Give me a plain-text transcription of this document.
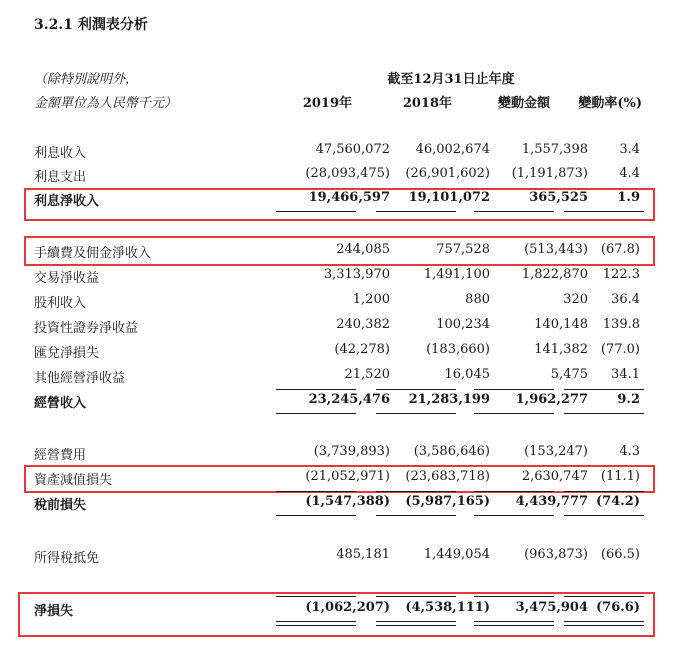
3.2.1 利潤表分析
（除特別說明外，
金額單位為人民幣千元）
截至12月31日止年度
2019年	2018年	變動金額	變動率(%)
利息收入	47,560,072	46,002,674	1,557,398	3.4
利息支出	(28,093,475)	(26,901,602)	(1,191,873)	4.4
利息淨收入	19,466,597	19,101,072	365,525	1.9
手續費及佣金淨收入	244,085	757,528	(513,443) (67.8)
交易淨收益	3,313,970	1,491,100	1,822,870	122.3
股利收入	1,200	880	320	36.4
投資性證券淨收益	240,382	100,234	140,148	139.8
匯兌淨損失	(42,278)	(183,660)	141,382 (77.0)
其他經營淨收益	21,520	16,045	5,475	34.1
經營收入	23,245,476	21,283,199	1,962,277	9.2
經營費用	(3,739,893)	(3,586,646)	(153,247)	4.3
資產減值損失	(21,052,971)	(23,683,718)	2,630,747 (11.1)
稅前損失	(1,547,388)	(5,987,165)	4,439,777 (74.2)
所得稅抵免	485,181	1,449,054	(963,873) (66.5)
淨損失	(1,062,207)	(4,538,111)	3,475,904 (76.6)
